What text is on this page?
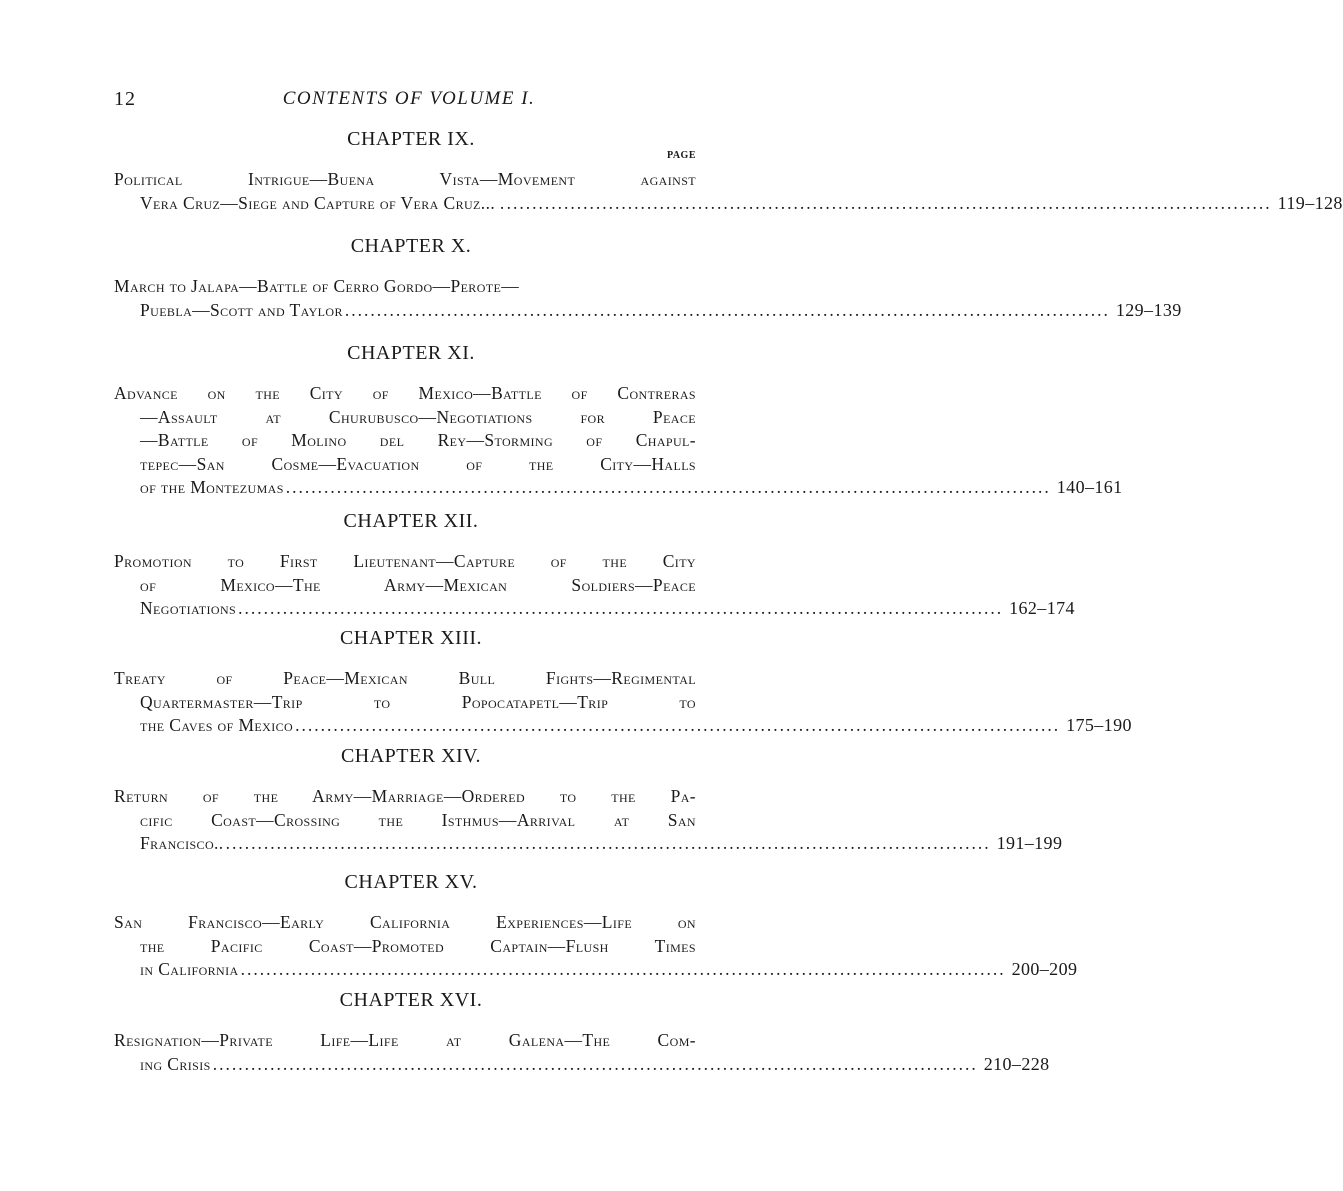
12	CONTENTS OF VOLUME I.
CHAPTER IX.
PAGE
Political Intrigue—Buena Vista—Movement against
Vera Cruz—Siege and Capture of Vera Cruz... . ........................................................................................................................ 119–128
CHAPTER X.
March to Jalapa—Battle of Cerro Gordo—Perote—
Puebla—Scott and Taylor ........................................................................................................................ 129–139
CHAPTER XI.
Advance on the City of Mexico—Battle of Contreras
—Assault at Churubusco—Negotiations for Peace
—Battle of Molino del Rey—Storming of Chapul-
tepec—San Cosme—Evacuation of the City—Halls
of the Montezumas ........................................................................................................................ 140–161
CHAPTER XII.
Promotion to First Lieutenant—Capture of the City
of Mexico—The Army—Mexican Soldiers—Peace
Negotiations ........................................................................................................................ 162–174
CHAPTER XIII.
Treaty of Peace—Mexican Bull Fights—Regimental
Quartermaster—Trip to Popocatapetl—Trip to
the Caves of Mexico ........................................................................................................................ 175–190
CHAPTER XIV.
Return of the Army—Marriage—Ordered to the Pa-
cific Coast—Crossing the Isthmus—Arrival at San
Francisco.. ........................................................................................................................ 191–199
CHAPTER XV.
San Francisco—Early California Experiences—Life on
the Pacific Coast—Promoted Captain—Flush Times
in California ........................................................................................................................ 200–209
CHAPTER XVI.
Resignation—Private Life—Life at Galena—The Com-
ing Crisis ........................................................................................................................ 210–228
